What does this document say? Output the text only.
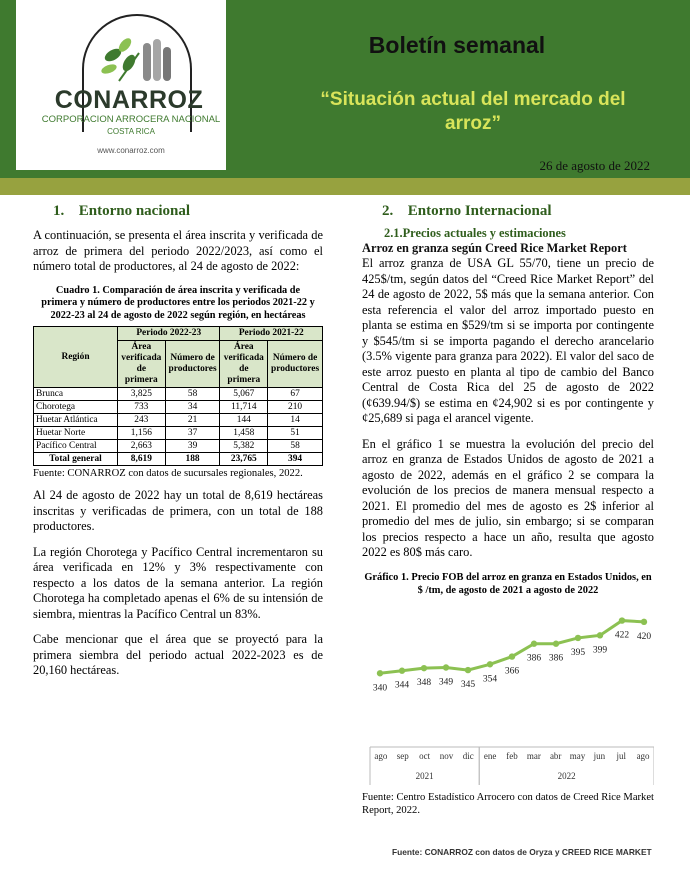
CONARROZ
CORPORACION ARROCERA NACIONAL
COSTA RICA
www.conarroz.com
Boletín semanal
“Situación actual del mercado del arroz”
26 de agosto de 2022
1. Entorno nacional

A continuación, se presenta el área inscrita y verificada de arroz de primera del periodo 2022/2023, así como el número total de productores, al 24 de agosto de 2022:

Cuadro 1. Comparación de área inscrita y verificada de primera y número de productores entre los periodos 2021-22 y 2022-23 al 24 de agosto de 2022 según región, en hectáreas
Región	Periodo 2022-23		Periodo 2021-22	
	Área verificada de primera	Número de productores	Área verificada de primera	Número de productores
Brunca	3,825	58	5,067	67
Chorotega	733	34	11,714	210
Huetar Atlántica	243	21	144	14
Huetar Norte	1,156	37	1,458	51
Pacífico Central	2,663	39	5,382	58
Total general	8,619	188	23,765	394
Fuente: CONARROZ con datos de sucursales regionales, 2022.

Al 24 de agosto de 2022 hay un total de 8,619 hectáreas inscritas y verificadas de primera, con un total de 188 productores.

La región Chorotega y Pacífico Central incrementaron su área verificada en 12% y 3% respectivamente con respecto a los datos de la semana anterior. La región Chorotega ha completado apenas el 6% de su intensión de siembra, mientras la Pacífico Central un 83%.

Cabe mencionar que el área que se proyectó para la primera siembra del periodo actual 2022-2023 es de 20,160 hectáreas.

2. Entorno Internacional
2.1.Precios actuales y estimaciones
Arroz en granza según Creed Rice Market Report

El arroz granza de USA GL 55/70, tiene un precio de 425$/tm, según datos del “Creed Rice Market Report” del 24 de agosto de 2022, 5$ más que la semana anterior. Con esta referencia el valor del arroz importado puesto en planta se estima en $529/tm si se importa por contingente y $545/tm si se importa pagando el derecho arancelario (3.5% vigente para granza para 2022). El valor del saco de este arroz puesto en planta al tipo de cambio del Banco Central de Costa Rica del 25 de agosto de 2022 (¢639.94/$) se estima en ¢24,902 si es por contingente y ¢25,689 si paga el arancel vigente.

En el gráfico 1 se muestra la evolución del precio del arroz en granza de Estados Unidos de agosto de 2021 a agosto de 2022, además en el gráfico 2 se compara la evolución de los precios de manera mensual respecto a 2021. El promedio del mes de agosto es 2$ inferior al promedio del mes de julio, sin embargo; si se comparan los precios respecto a hace un año, resulta que agosto 2022 es 80$ más caro.

Gráfico 1. Precio FOB del arroz en granza en Estados Unidos, en $ /tm, de agosto de 2021 a agosto de 2022
340 344 348 349 345
354
366
386 386
395 399
422 420
ago sep oct nov dic ene feb mar abr may jun jul ago
2021	2022
Fuente: Centro Estadístico Arrocero con datos de Creed Rice Market Report, 2022.
Fuente: CONARROZ con datos de Oryza y CREED RICE MARKET
